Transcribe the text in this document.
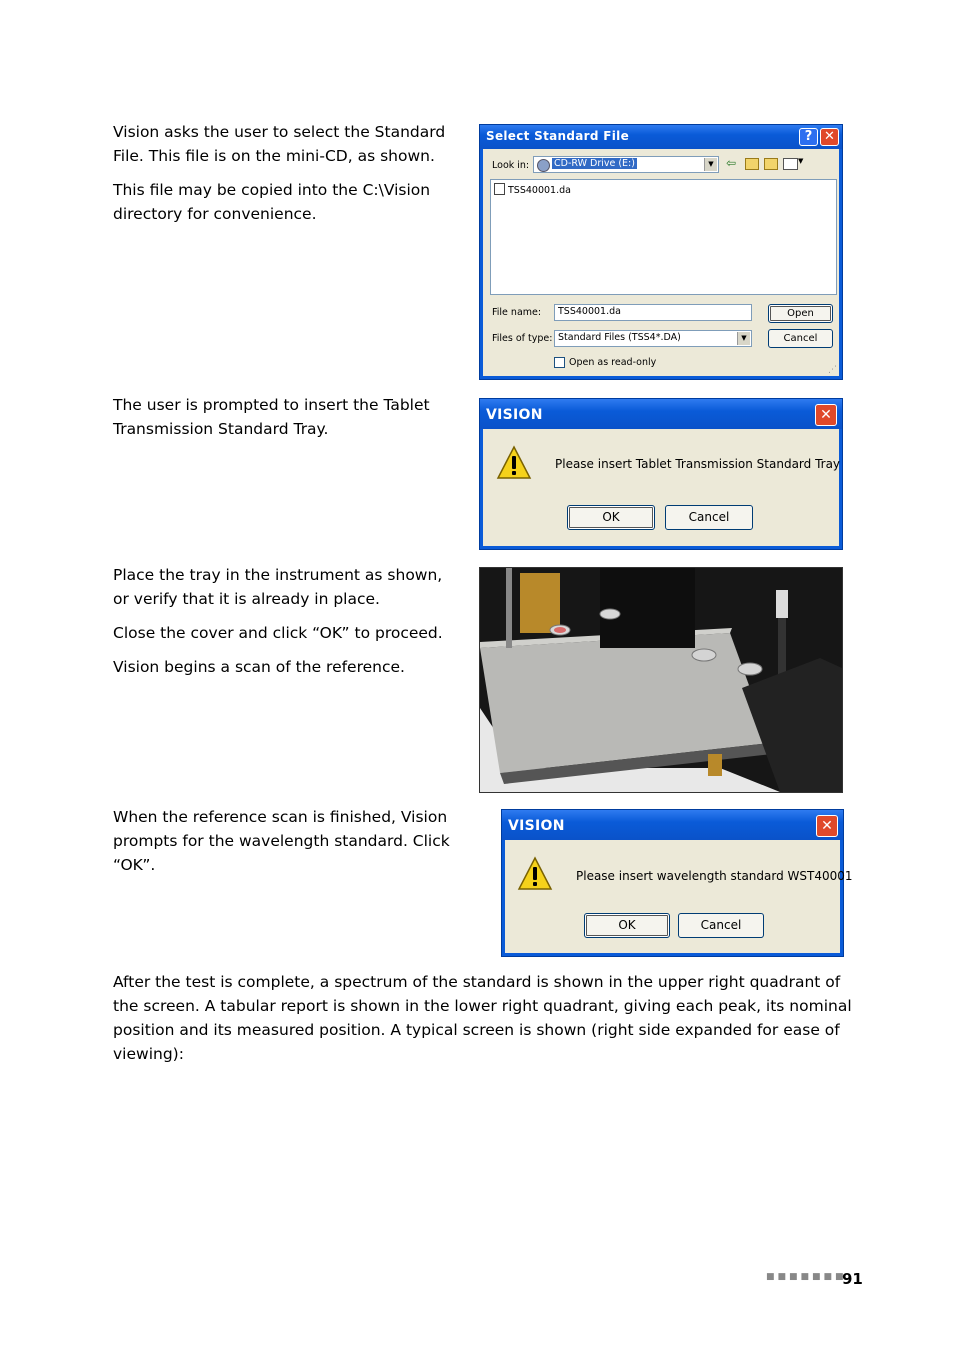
Vision asks the user to select the Standard File. This file is on the mini-CD, as shown.

This file may be copied into the C:\Vision directory for convenience.

Select Standard File	? ✕
Look in:	CD-RW Drive (E:)	▼ ⇦	▼
TSS40001.da
File name:	TSS40001.da	Open
Files of type: Standard Files (TSS4*.DA)	▼	Cancel
Open as read-only
⋰

The user is prompted to insert the Tablet Transmission Standard Tray.

VISION	✕
Please insert Tablet Transmission Standard Tray
OK	Cancel

Place the tray in the instrument as shown, or verify that it is already in place.

Close the cover and click “OK” to proceed.

Vision begins a scan of the reference.

When the reference scan is finished, Vision prompts for the wavelength standard. Click “OK”.

VISION	✕
Please insert wavelength standard WST40001
OK	Cancel

After the test is complete, a spectrum of the standard is shown in the upper right quadrant of the screen. A tabular report is shown in the lower right quadrant, giving each peak, its nominal position and its measured position. A typical screen is shown (right side expanded for ease of viewing):

■■■■■■■
91
